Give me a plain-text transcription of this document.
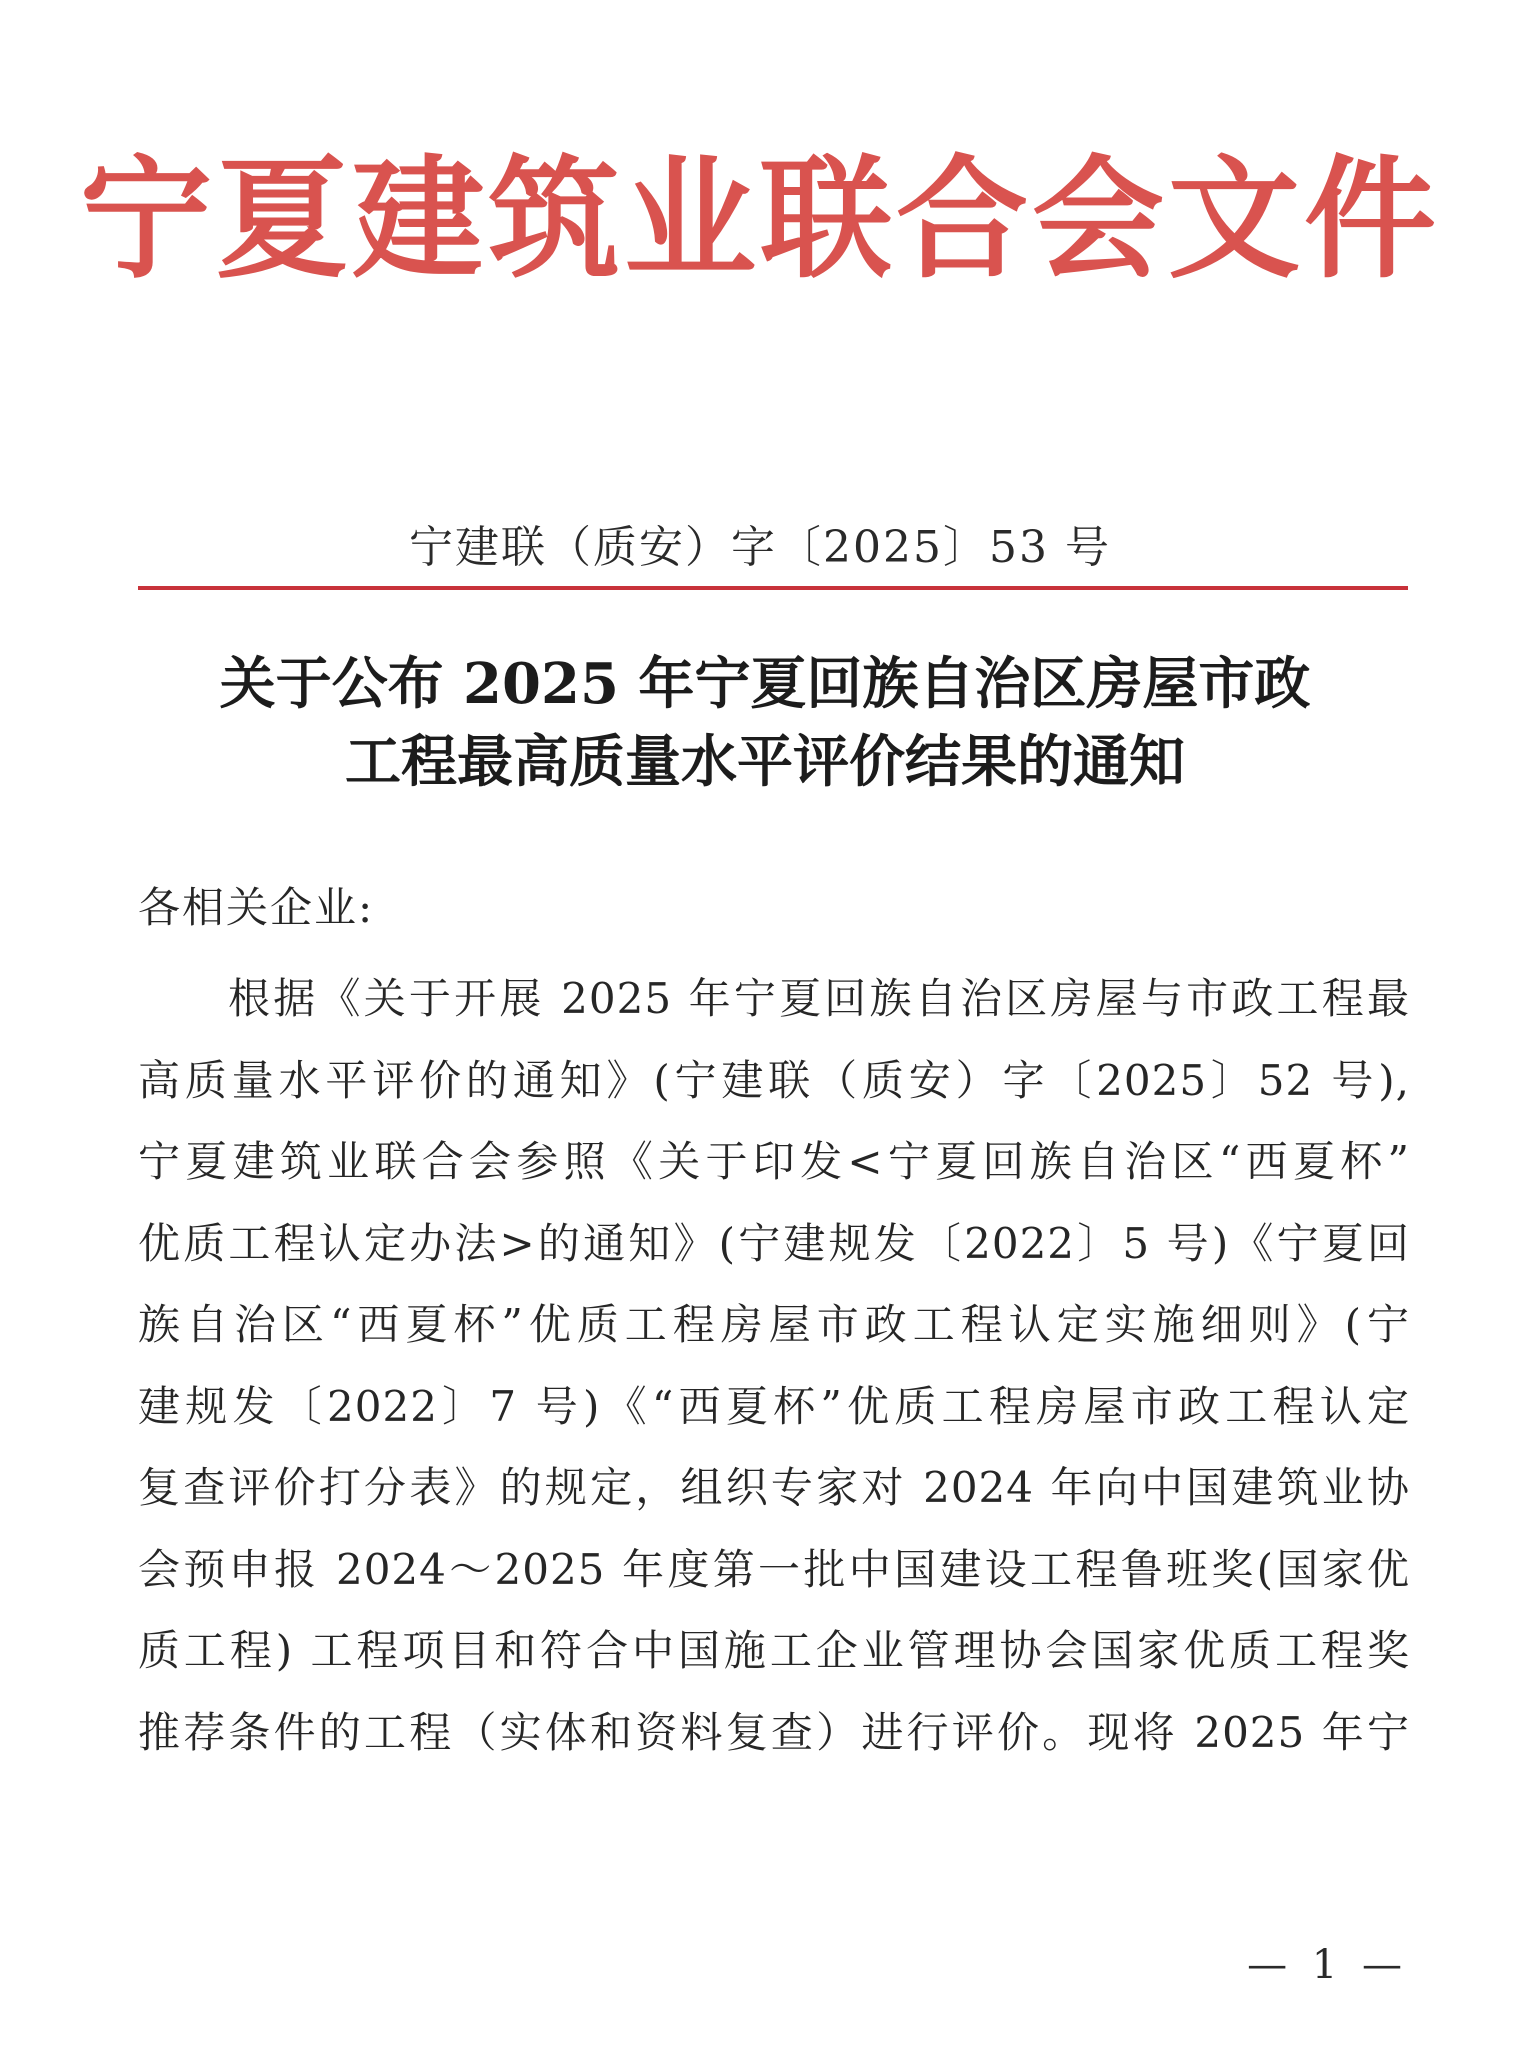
宁夏建筑业联合会文件
宁建联（质安）字〔2025〕53 号
关于公布 2025 年宁夏回族自治区房屋市政
工程最高质量水平评价结果的通知
各相关企业:
根据《关于开展 2025 年宁夏回族自治区房屋与市政工程最
高质量水平评价的通知》(宁建联（质安）字〔2025〕52 号),
宁夏建筑业联合会参照《关于印发<宁夏回族自治区“西夏杯”
优质工程认定办法>的通知》(宁建规发〔2022〕5 号)《宁夏回
族自治区“西夏杯”优质工程房屋市政工程认定实施细则》(宁
建规发〔2022〕7 号)《“西夏杯”优质工程房屋市政工程认定
复查评价打分表》的规定，组织专家对 2024 年向中国建筑业协
会预申报 2024～2025 年度第一批中国建设工程鲁班奖(国家优
质工程) 工程项目和符合中国施工企业管理协会国家优质工程奖
推荐条件的工程（实体和资料复查）进行评价。现将 2025 年宁
— 1 —
